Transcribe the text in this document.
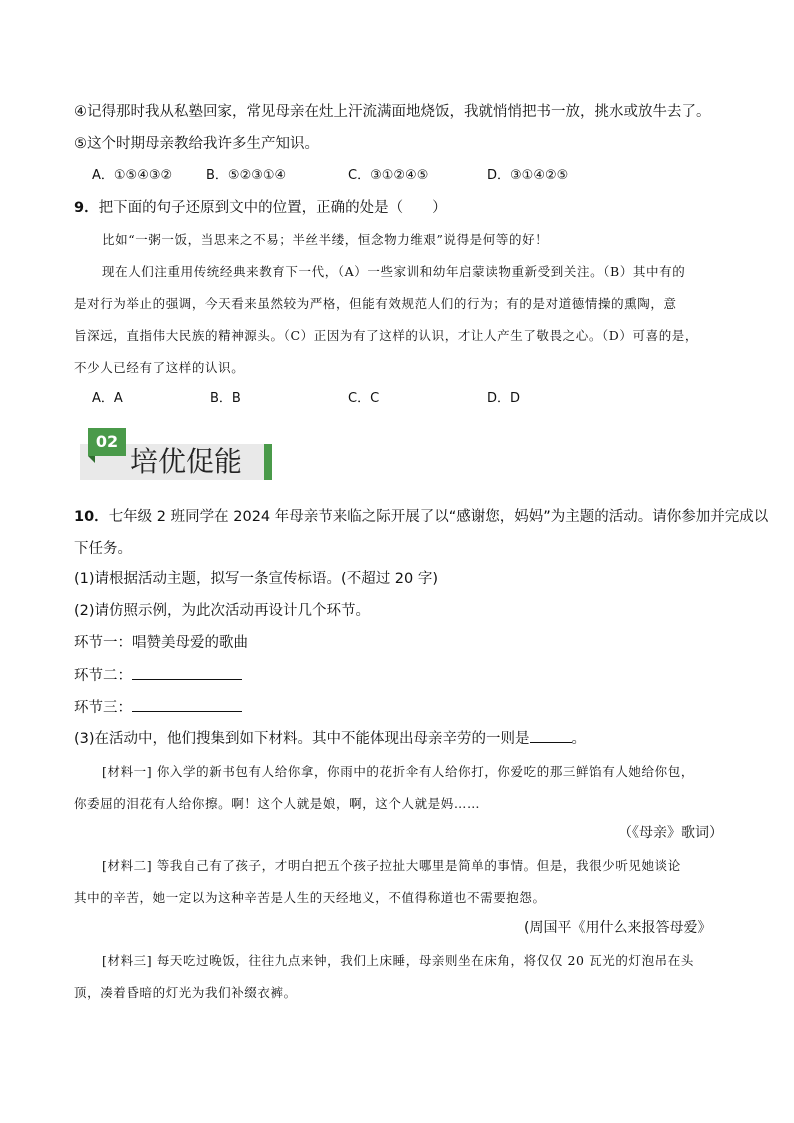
④记得那时我从私塾回家，常见母亲在灶上汗流满面地烧饭，我就悄悄把书一放，挑水或放牛去了。
⑤这个时期母亲教给我许多生产知识。
A．①⑤④③②	B．⑤②③①④	C．③①②④⑤	D．③①④②⑤
9．把下面的句子还原到文中的位置，正确的处是（　　）
比如“一粥一饭，当思来之不易；半丝半缕，恒念物力维艰”说得是何等的好！
现在人们注重用传统经典来教育下一代，（A）一些家训和幼年启蒙读物重新受到关注。（B）其中有的
是对行为举止的强调，今天看来虽然较为严格，但能有效规范人们的行为；有的是对道德情操的熏陶，意
旨深远，直指伟大民族的精神源头。（C）正因为有了这样的认识，才让人产生了敬畏之心。（D）可喜的是，
不少人已经有了这样的认识。
A．A	B．B	C．C	D．D
02
培优促能
10．七年级 2 班同学在 2024 年母亲节来临之际开展了以“感谢您，妈妈”为主题的活动。请你参加并完成以
下任务。
(1)请根据活动主题，拟写一条宣传标语。(不超过 20 字)
(2)请仿照示例，为此次活动再设计几个环节。
环节一：唱赞美母爱的歌曲
环节二：
环节三：
(3)在活动中，他们搜集到如下材料。其中不能体现出母亲辛劳的一则是	。
[材料一] 你入学的新书包有人给你拿，你雨中的花折伞有人给你打，你爱吃的那三鲜馅有人她给你包，
你委屈的泪花有人给你擦。啊！这个人就是娘，啊，这个人就是妈……
（《母亲》歌词）
[材料二] 等我自己有了孩子，才明白把五个孩子拉扯大哪里是简单的事情。但是，我很少听见她谈论
其中的辛苦，她一定以为这种辛苦是人生的天经地义，不值得称道也不需要抱怨。
(周国平《用什么来报答母爱》
[材料三] 每天吃过晚饭，往往九点来钟，我们上床睡，母亲则坐在床角，将仅仅 20 瓦光的灯泡吊在头
顶，凑着昏暗的灯光为我们补缀衣裤。
